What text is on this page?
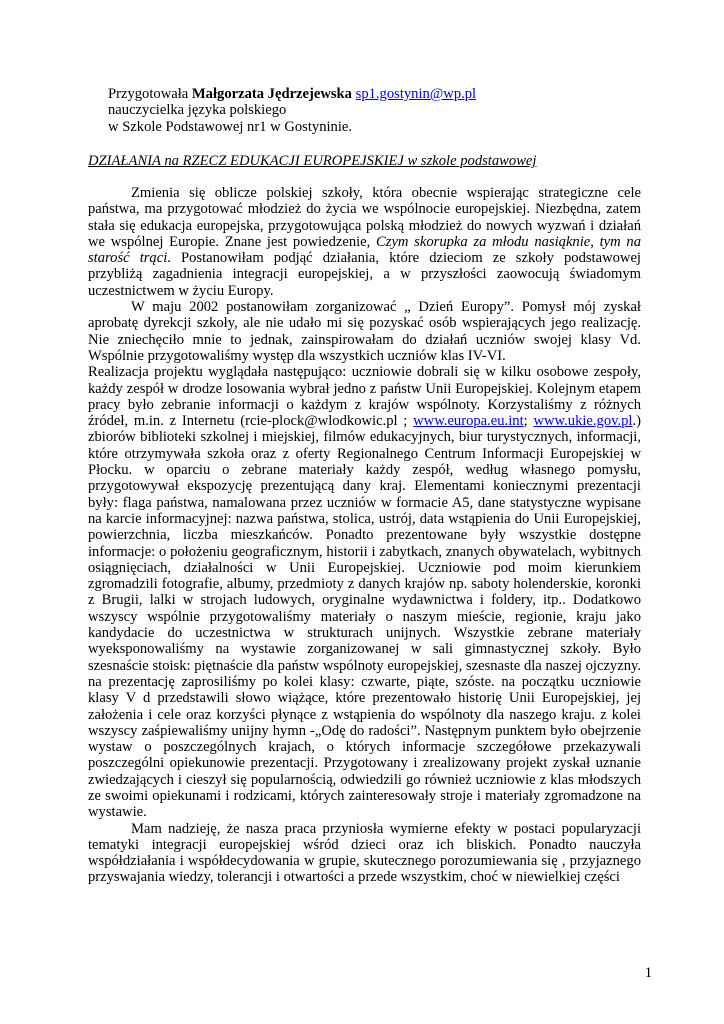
Przygotowała Małgorzata Jędrzejewska sp1.gostynin@wp.pl
nauczycielka języka polskiego
w Szkole Podstawowej nr1 w Gostyninie.
DZIAŁANIA na RZECZ EDUKACJI EUROPEJSKIEJ w szkole podstawowej

Zmienia się oblicze polskiej szkoły, która obecnie wspierając strategiczne cele państwa, ma przygotować młodzież do życia we wspólnocie europejskiej. Niezbędna, zatem stała się edukacja europejska, przygotowująca polską młodzież do nowych wyzwań i działań we wspólnej Europie. Znane jest powiedzenie, Czym skorupka za młodu nasiąknie, tym na starość trąci. Postanowiłam podjąć działania, które dzieciom ze szkoły podstawowej przybliżą zagadnienia integracji europejskiej, a w przyszłości zaowocują świadomym uczestnictwem w życiu Europy.

W maju 2002 postanowiłam zorganizować „ Dzień Europy”. Pomysł mój zyskał aprobatę dyrekcji szkoły, ale nie udało mi się pozyskać osób wspierających jego realizację. Nie zniechęciło mnie to jednak, zainspirowałam do działań uczniów swojej klasy Vd. Wspólnie przygotowaliśmy występ dla wszystkich uczniów klas IV-VI.

Realizacja projektu wyglądała następująco: uczniowie dobrali się w kilku osobowe zespoły, każdy zespół w drodze losowania wybrał jedno z państw Unii Europejskiej. Kolejnym etapem pracy było zebranie informacji o każdym z krajów wspólnoty. Korzystaliśmy z różnych źródeł, m.in. z Internetu (rcie-plock@wlodkowic.pl ; www.europa.eu.int; www.ukie.gov.pl.) zbiorów biblioteki szkolnej i miejskiej, filmów edukacyjnych, biur turystycznych, informacji, które otrzymywała szkoła oraz z oferty Regionalnego Centrum Informacji Europejskiej w Płocku. w oparciu o zebrane materiały każdy zespół, według własnego pomysłu, przygotowywał ekspozycję prezentującą dany kraj. Elementami koniecznymi prezentacji były: flaga państwa, namalowana przez uczniów w formacie A5, dane statystyczne wypisane na karcie informacyjnej: nazwa państwa, stolica, ustrój, data wstąpienia do Unii Europejskiej, powierzchnia, liczba mieszkańców. Ponadto prezentowane były wszystkie dostępne informacje: o położeniu geograficznym, historii i zabytkach, znanych obywatelach, wybitnych osiągnięciach, działalności w Unii Europejskiej. Uczniowie pod moim kierunkiem zgromadzili fotografie, albumy, przedmioty z danych krajów np. saboty holenderskie, koronki z Brugii, lalki w strojach ludowych, oryginalne wydawnictwa i foldery, itp.. Dodatkowo wszyscy wspólnie przygotowaliśmy materiały o naszym mieście, regionie, kraju jako kandydacie do uczestnictwa w strukturach unijnych. Wszystkie zebrane materiały wyeksponowaliśmy na wystawie zorganizowanej w sali gimnastycznej szkoły. Było szesnaście stoisk: piętnaście dla państw wspólnoty europejskiej, szesnaste dla naszej ojczyzny. na prezentację zaprosiliśmy po kolei klasy: czwarte, piąte, szóste. na początku uczniowie klasy V d przedstawili słowo wiążące, które prezentowało historię Unii Europejskiej, jej założenia i cele oraz korzyści płynące z wstąpienia do wspólnoty dla naszego kraju. z kolei wszyscy zaśpiewaliśmy unijny hymn -„Odę do radości”. Następnym punktem było obejrzenie wystaw o poszczególnych krajach, o których informacje szczegółowe przekazywali poszczególni opiekunowie prezentacji. Przygotowany i zrealizowany projekt zyskał uznanie zwiedzających i cieszył się popularnością, odwiedzili go również uczniowie z klas młodszych ze swoimi opiekunami i rodzicami, których zainteresowały stroje i materiały zgromadzone na wystawie.

Mam nadzieję, że nasza praca przyniosła wymierne efekty w postaci popularyzacji tematyki integracji europejskiej wśród dzieci oraz ich bliskich. Ponadto nauczyła współdziałania i współdecydowania w grupie, skutecznego porozumiewania się , przyjaznego przyswajania wiedzy, tolerancji i otwartości a przede wszystkim, choć w niewielkiej części

1
